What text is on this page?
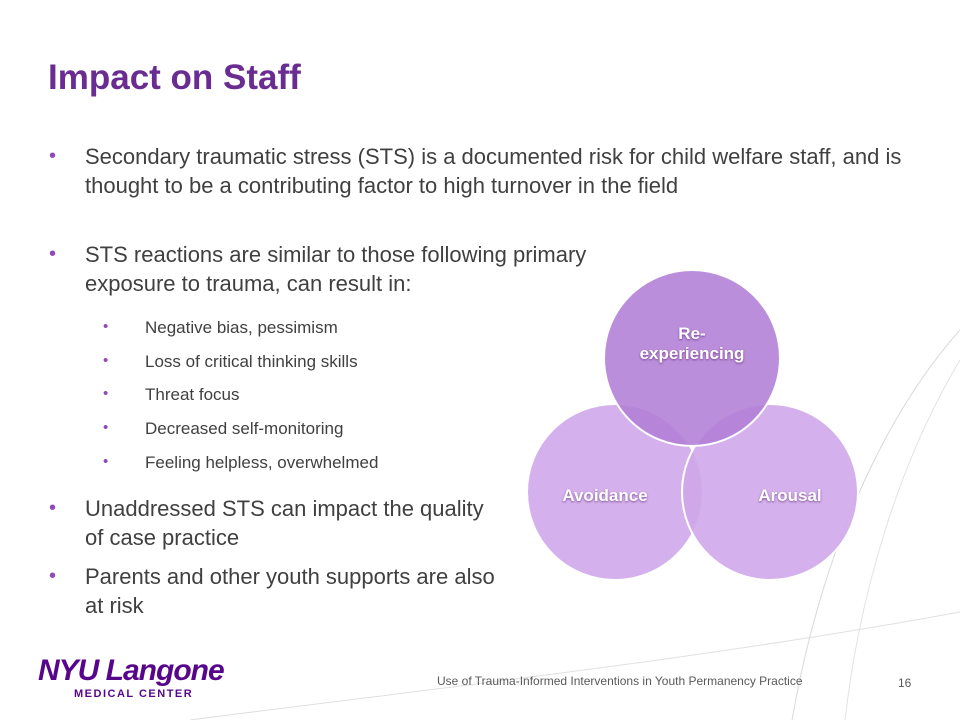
Impact on Staff
• Secondary traumatic stress (STS) is a documented risk for child welfare staff, and is thought to be a contributing factor to high turnover in the field
• STS reactions are similar to those following primary exposure to trauma, can result in:
• Negative bias, pessimism
• Loss of critical thinking skills
• Threat focus
• Decreased self-monitoring
• Feeling helpless, overwhelmed
• Unaddressed STS can impact the quality of case practice
• Parents and other youth supports are also at risk
Re-
experiencing
Avoidance	Arousal
NYU Langone
MEDICAL CENTER
Use of Trauma-Informed Interventions in Youth Permanency Practice	16
